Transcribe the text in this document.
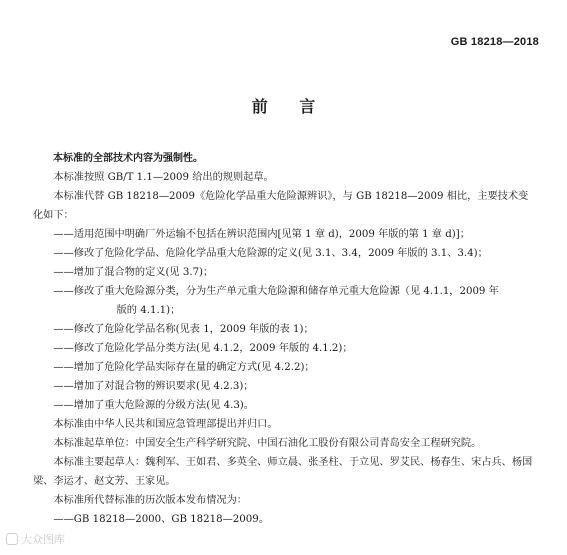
GB 18218—2018
前 言

本标准的全部技术内容为强制性。

本标准按照 GB/T 1.1—2009 给出的规则起草。

本标准代替 GB 18218—2009《危险化学品重大危险源辨识》，与 GB 18218—2009 相比，主要技术变化如下：

——适用范围中明确厂外运输不包括在辨识范围内[见第 1 章 d)，2009 年版的第 1 章 d)]；

——修改了危险化学品、危险化学品重大危险源的定义(见 3.1、3.4，2009 年版的 3.1、3.4)；

——增加了混合物的定义(见 3.7)；

——修改了重大危险源分类，分为生产单元重大危险源和储存单元重大危险源（见 4.1.1，2009 年
版的 4.1.1)；

——修改了危险化学品名称(见表 1，2009 年版的表 1)；

——修改了危险化学品分类方法(见 4.1.2，2009 年版的 4.1.2)；

——增加了危险化学品实际存在量的确定方式(见 4.2.2)；

——增加了对混合物的辨识要求(见 4.2.3)；

——增加了重大危险源的分级方法(见 4.3)。

本标准由中华人民共和国应急管理部提出并归口。

本标准起草单位：中国安全生产科学研究院、中国石油化工股份有限公司青岛安全工程研究院。

本标准主要起草人：魏利军、王如君、多英全、师立晨、张圣柱、于立见、罗艾民、杨春生、宋占兵、杨国梁、李运才、赵文芳、王家见。

本标准所代替标准的历次版本发布情况为：

——GB 18218—2000、GB 18218—2009。

大众图库
